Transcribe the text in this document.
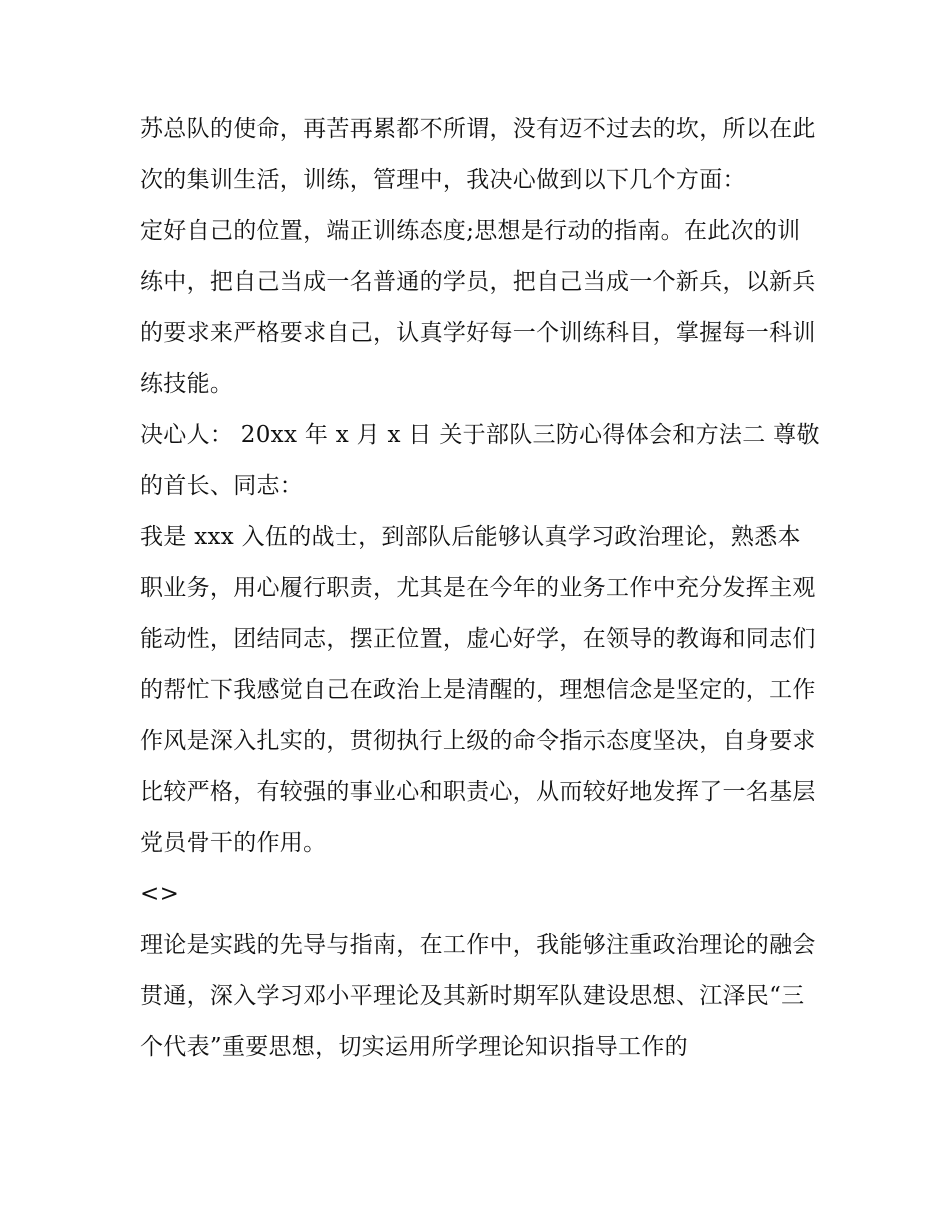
苏总队的使命，再苦再累都不所谓，没有迈不过去的坎，所以在此次的集训生活，训练，管理中，我决心做到以下几个方面：

定好自己的位置，端正训练态度;思想是行动的指南。在此次的训练中，把自己当成一名普通的学员，把自己当成一个新兵，以新兵的要求来严格要求自己，认真学好每一个训练科目，掌握每一科训练技能。

决心人： 20xx 年 x 月 x 日 关于部队三防心得体会和方法二 尊敬的首长、同志：

我是 xxx 入伍的战士，到部队后能够认真学习政治理论，熟悉本职业务，用心履行职责，尤其是在今年的业务工作中充分发挥主观能动性，团结同志，摆正位置，虚心好学，在领导的教诲和同志们的帮忙下我感觉自己在政治上是清醒的，理想信念是坚定的，工作作风是深入扎实的，贯彻执行上级的命令指示态度坚决，自身要求比较严格，有较强的事业心和职责心，从而较好地发挥了一名基层党员骨干的作用。

<>

理论是实践的先导与指南，在工作中，我能够注重政治理论的融会贯通，深入学习邓小平理论及其新时期军队建设思想、江泽民“三个代表”重要思想，切实运用所学理论知识指导工作的
